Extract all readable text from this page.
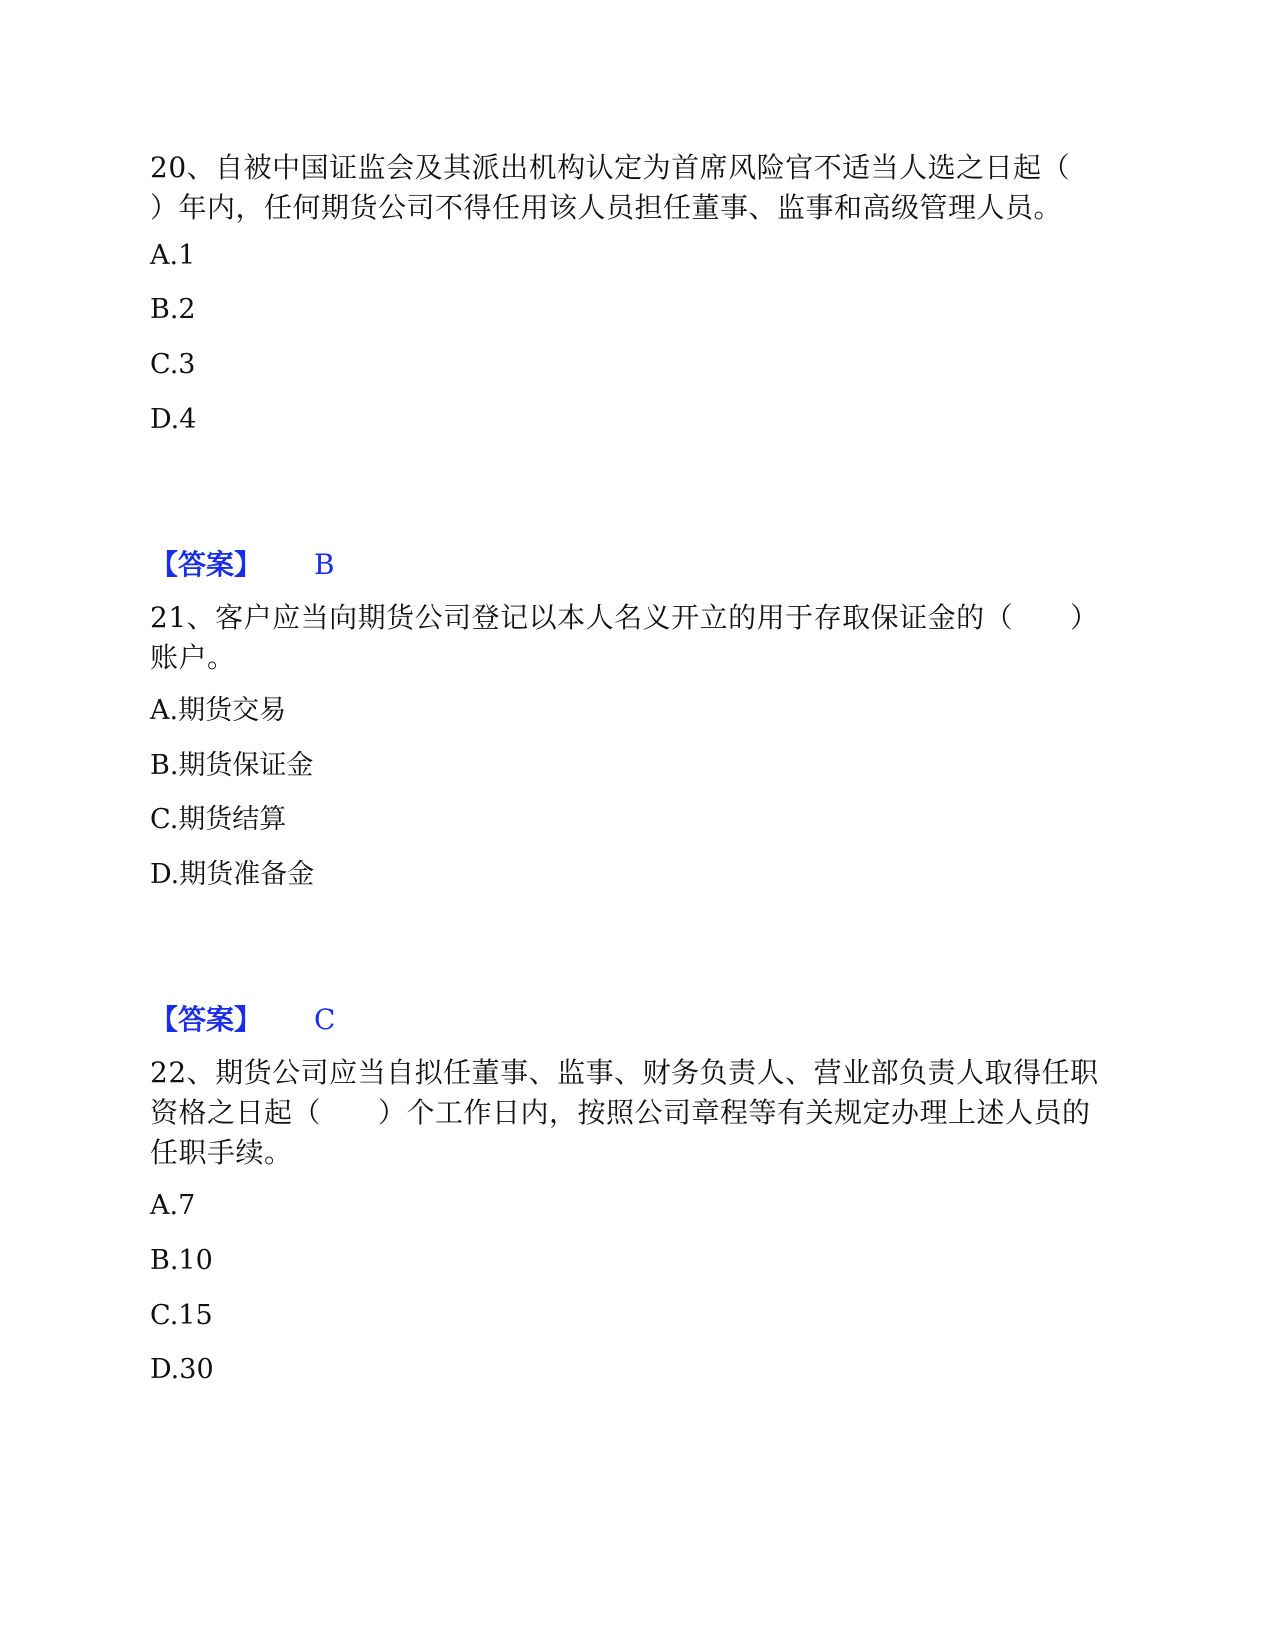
20、自被中国证监会及其派出机构认定为首席风险官不适当人选之日起（
）年内，任何期货公司不得任用该人员担任董事、监事和高级管理人员。
A.1
B.2
C.3
D.4
【答案】 B
21、客户应当向期货公司登记以本人名义开立的用于存取保证金的（　　）
账户。
A.期货交易
B.期货保证金
C.期货结算
D.期货准备金
【答案】 C
22、期货公司应当自拟任董事、监事、财务负责人、营业部负责人取得任职
资格之日起（　　）个工作日内，按照公司章程等有关规定办理上述人员的
任职手续。
A.7
B.10
C.15
D.30
